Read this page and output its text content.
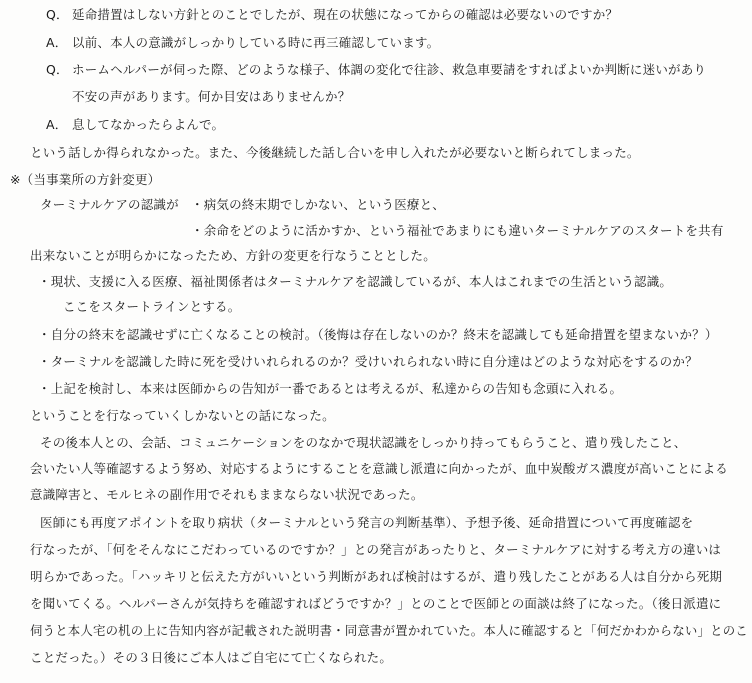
Q． 延命措置はしない方針とのことでしたが、現在の状態になってからの確認は必要ないのですか？
A． 以前、本人の意識がしっかりしている時に再三確認しています。
Q． ホームヘルパーが伺った際、どのような様子、体調の変化で往診、救急車要請をすればよいか判断に迷いがあり
不安の声があります。何か目安はありませんか？
A． 息してなかったらよんで。
という話しか得られなかった。また、今後継続した話し合いを申し入れたが必要ないと断られてしまった。
※（当事業所の方針変更）
ターミナルケアの認識が ・病気の終末期でしかない、という医療と、
・余命をどのように活かすか、という福祉であまりにも違いターミナルケアのスタートを共有
出来ないことが明らかになったため、方針の変更を行なうこととした。
・現状、支援に入る医療、福祉関係者はターミナルケアを認識しているが、本人はこれまでの生活という認識。
ここをスタートラインとする。
・自分の終末を認識せずに亡くなることの検討。（後悔は存在しないのか？終末を認識しても延命措置を望まないか？）
・ターミナルを認識した時に死を受けいれられるのか？受けいれられない時に自分達はどのような対応をするのか？
・上記を検討し、本来は医師からの告知が一番であるとは考えるが、私達からの告知も念頭に入れる。
ということを行なっていくしかないとの話になった。
その後本人との、会話、コミュニケーションをのなかで現状認識をしっかり持ってもらうこと、遣り残したこと、
会いたい人等確認するよう努め、対応するようにすることを意識し派遣に向かったが、血中炭酸ガス濃度が高いことによる
意識障害と、モルヒネの副作用でそれもままならない状況であった。
医師にも再度アポイントを取り病状（ターミナルという発言の判断基準）、予想予後、延命措置について再度確認を
行なったが、「何をそんなにこだわっているのですか？」との発言があったりと、ターミナルケアに対する考え方の違いは
明らかであった。「ハッキリと伝えた方がいいという判断があれば検討はするが、遣り残したことがある人は自分から死期
を聞いてくる。ヘルパーさんが気持ちを確認すればどうですか？」とのことで医師との面談は終了になった。（後日派遣に
伺うと本人宅の机の上に告知内容が記載された説明書・同意書が置かれていた。本人に確認すると「何だかわからない」とのこ
ことだった。）その３日後にご本人はご自宅にて亡くなられた。
